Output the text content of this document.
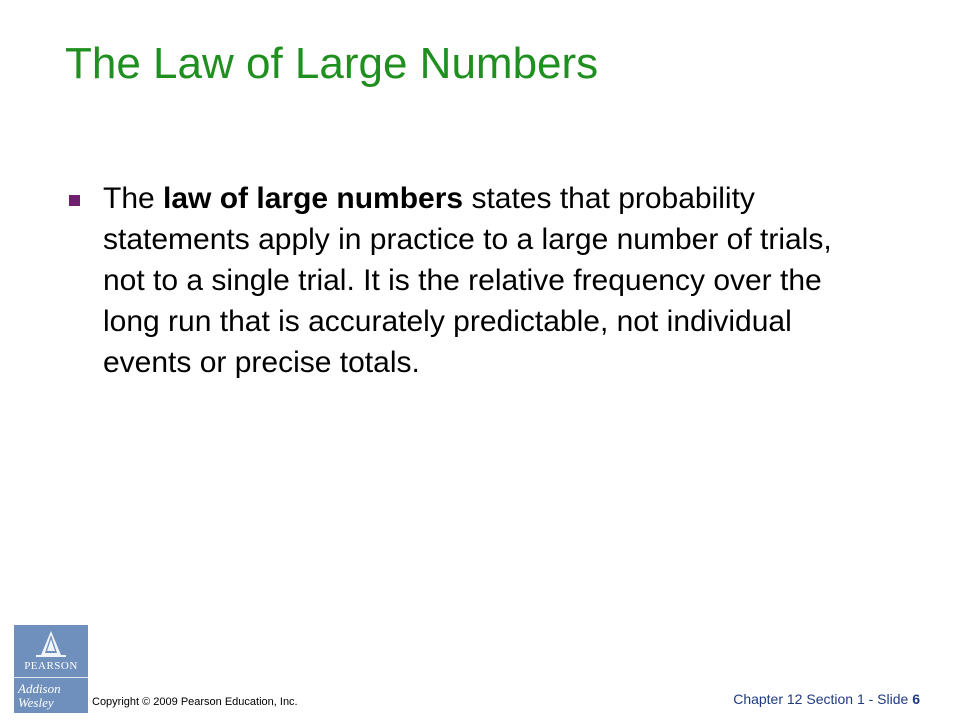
The Law of Large Numbers
The law of large numbers states that probability statements apply in practice to a large number of trials, not to a single trial. It is the relative frequency over the long run that is accurately predictable, not individual events or precise totals.
PEARSON
Addison
Wesley	Copyright © 2009 Pearson Education, Inc.	Chapter 12 Section 1 - Slide 6
